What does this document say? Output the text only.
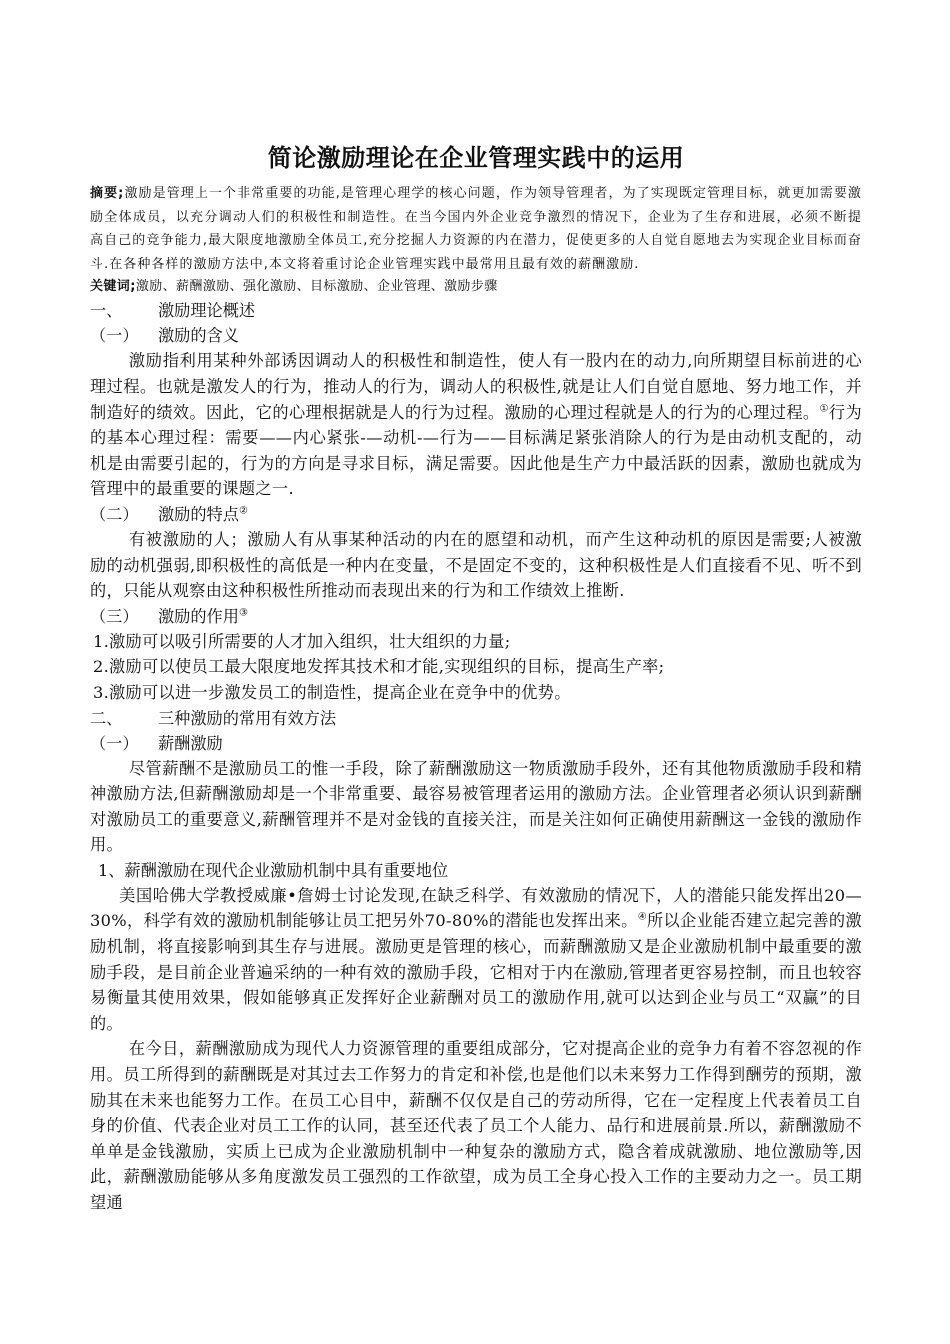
简论激励理论在企业管理实践中的运用

摘要;激励是管理上一个非常重要的功能,是管理心理学的核心问题，作为领导管理者，为了实现既定管理目标，就更加需要激励全体成员，以充分调动人们的积极性和制造性。在当今国内外企业竞争激烈的情况下，企业为了生存和进展，必须不断提高自己的竞争能力,最大限度地激励全体员工,充分挖掘人力资源的内在潜力，促使更多的人自觉自愿地去为实现企业目标而奋斗.在各种各样的激励方法中,本文将着重讨论企业管理实践中最常用且最有效的薪酬激励.

关键词;激励、薪酬激励、强化激励、目标激励、企业管理、激励步骤

一、 激励理论概述

（一） 激励的含义

激励指利用某种外部诱因调动人的积极性和制造性，使人有一股内在的动力,向所期望目标前进的心理过程。也就是激发人的行为，推动人的行为，调动人的积极性,就是让人们自觉自愿地、努力地工作，并制造好的绩效。因此，它的心理根据就是人的行为过程。激励的心理过程就是人的行为的心理过程。①行为的基本心理过程：需要——内心紧张-—动机-—行为——目标满足紧张消除人的行为是由动机支配的，动机是由需要引起的，行为的方向是寻求目标，满足需要。因此他是生产力中最活跃的因素，激励也就成为管理中的最重要的课题之一.

（二） 激励的特点②

有被激励的人；激励人有从事某种活动的内在的愿望和动机，而产生这种动机的原因是需要;人被激励的动机强弱,即积极性的高低是一种内在变量，不是固定不变的，这种积极性是人们直接看不见、听不到的，只能从观察由这种积极性所推动而表现出来的行为和工作绩效上推断.

（三） 激励的作用③

1.激励可以吸引所需要的人才加入组织，壮大组织的力量;

2.激励可以使员工最大限度地发挥其技术和才能,实现组织的目标，提高生产率;

3.激励可以进一步激发员工的制造性，提高企业在竞争中的优势。

二、 三种激励的常用有效方法

（一） 薪酬激励

尽管薪酬不是激励员工的惟一手段，除了薪酬激励这一物质激励手段外，还有其他物质激励手段和精神激励方法,但薪酬激励却是一个非常重要、最容易被管理者运用的激励方法。企业管理者必须认识到薪酬对激励员工的重要意义,薪酬管理并不是对金钱的直接关注，而是关注如何正确使用薪酬这一金钱的激励作用。

1、薪酬激励在现代企业激励机制中具有重要地位

美国哈佛大学教授威廉•詹姆士讨论发现,在缺乏科学、有效激励的情况下，人的潜能只能发挥出20—30%，科学有效的激励机制能够让员工把另外70-80%的潜能也发挥出来。④所以企业能否建立起完善的激励机制，将直接影响到其生存与进展。激励更是管理的核心，而薪酬激励又是企业激励机制中最重要的激励手段，是目前企业普遍采纳的一种有效的激励手段，它相对于内在激励,管理者更容易控制，而且也较容易衡量其使用效果，假如能够真正发挥好企业薪酬对员工的激励作用,就可以达到企业与员工“双赢”的目的。

在今日，薪酬激励成为现代人力资源管理的重要组成部分，它对提高企业的竞争力有着不容忽视的作用。员工所得到的薪酬既是对其过去工作努力的肯定和补偿,也是他们以未来努力工作得到酬劳的预期，激励其在未来也能努力工作。在员工心目中，薪酬不仅仅是自己的劳动所得，它在一定程度上代表着员工自身的价值、代表企业对员工工作的认同，甚至还代表了员工个人能力、品行和进展前景.所以，薪酬激励不单单是金钱激励，实质上已成为企业激励机制中一种复杂的激励方式，隐含着成就激励、地位激励等,因此，薪酬激励能够从多角度激发员工强烈的工作欲望，成为员工全身心投入工作的主要动力之一。员工期望通
